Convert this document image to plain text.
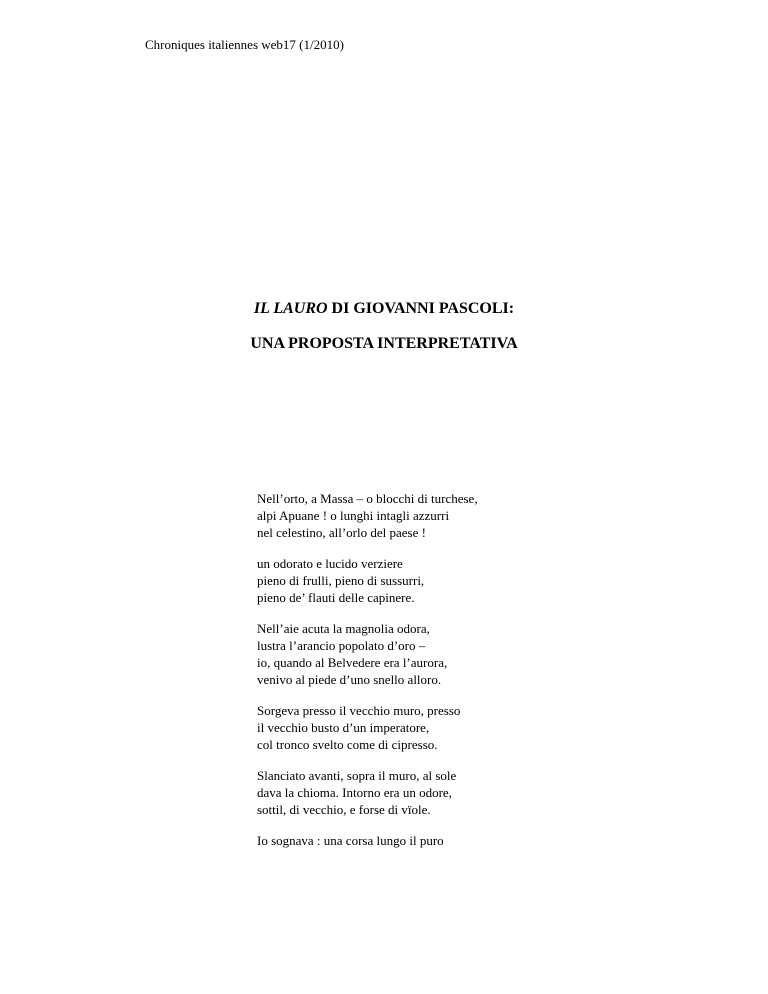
Chroniques italiennes web17 (1/2010)
IL LAURO DI GIOVANNI PASCOLI:
UNA PROPOSTA INTERPRETATIVA
Nell’orto, a Massa – o blocchi di turchese,
alpi Apuane ! o lunghi intagli azzurri
nel celestino, all’orlo del paese !
un odorato e lucido verziere
pieno di frulli, pieno di sussurri,
pieno de’ flauti delle capinere.
Nell’aie acuta la magnolia odora,
lustra l’arancio popolato d’oro –
io, quando al Belvedere era l’aurora,
venivo al piede d’uno snello alloro.
Sorgeva presso il vecchio muro, presso
il vecchio busto d’un imperatore,
col tronco svelto come di cipresso.
Slanciato avanti, sopra il muro, al sole
dava la chioma. Intorno era un odore,
sottil, di vecchio, e forse di vïole.
Io sognava : una corsa lungo il puro
